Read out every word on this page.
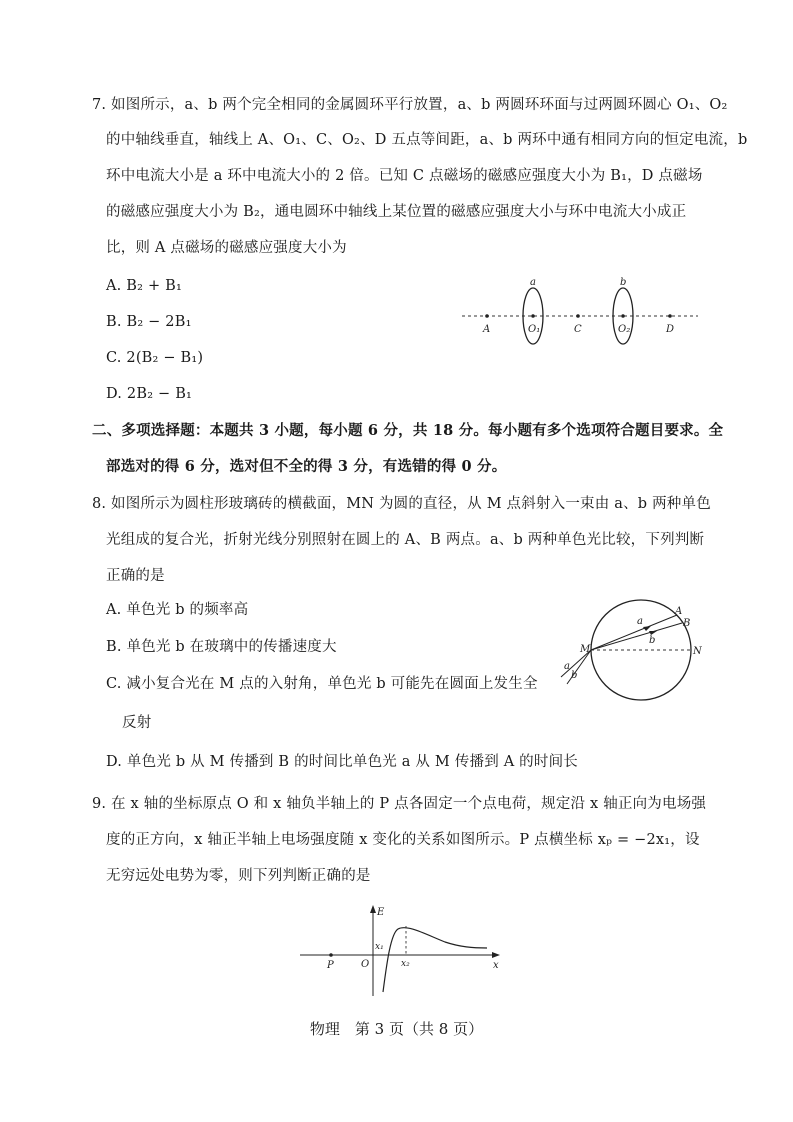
7. 如图所示，a、b 两个完全相同的金属圆环平行放置，a、b 两圆环环面与过两圆环圆心 O₁、O₂
的中轴线垂直，轴线上 A、O₁、C、O₂、D 五点等间距，a、b 两环中通有相同方向的恒定电流，b
环中电流大小是 a 环中电流大小的 2 倍。已知 C 点磁场的磁感应强度大小为 B₁，D 点磁场
的磁感应强度大小为 B₂，通电圆环中轴线上某位置的磁感应强度大小与环中电流大小成正
比，则 A 点磁场的磁感应强度大小为
A. B₂ + B₁
B. B₂ − 2B₁
C. 2(B₂ − B₁)
D. 2B₂ − B₁
a	b
A	O₁	C	O₂	D
二、多项选择题：本题共 3 小题，每小题 6 分，共 18 分。每小题有多个选项符合题目要求。全
部选对的得 6 分，选对但不全的得 3 分，有选错的得 0 分。
8. 如图所示为圆柱形玻璃砖的横截面，MN 为圆的直径，从 M 点斜射入一束由 a、b 两种单色
光组成的复合光，折射光线分别照射在圆上的 A、B 两点。a、b 两种单色光比较，下列判断
正确的是
A. 单色光 b 的频率高
B. 单色光 b 在玻璃中的传播速度大
C. 减小复合光在 M 点的入射角，单色光 b 可能先在圆面上发生全
反射
D. 单色光 b 从 M 传播到 B 的时间比单色光 a 从 M 传播到 A 的时间长
A
B
M	N
a
b
a
b
9. 在 x 轴的坐标原点 O 和 x 轴负半轴上的 P 点各固定一个点电荷，规定沿 x 轴正向为电场强
度的正方向，x 轴正半轴上电场强度随 x 变化的关系如图所示。P 点横坐标 xₚ = −2x₁，设
无穷远处电势为零，则下列判断正确的是
E
O
P
x₁
x₂	x
物理　第 3 页（共 8 页）
